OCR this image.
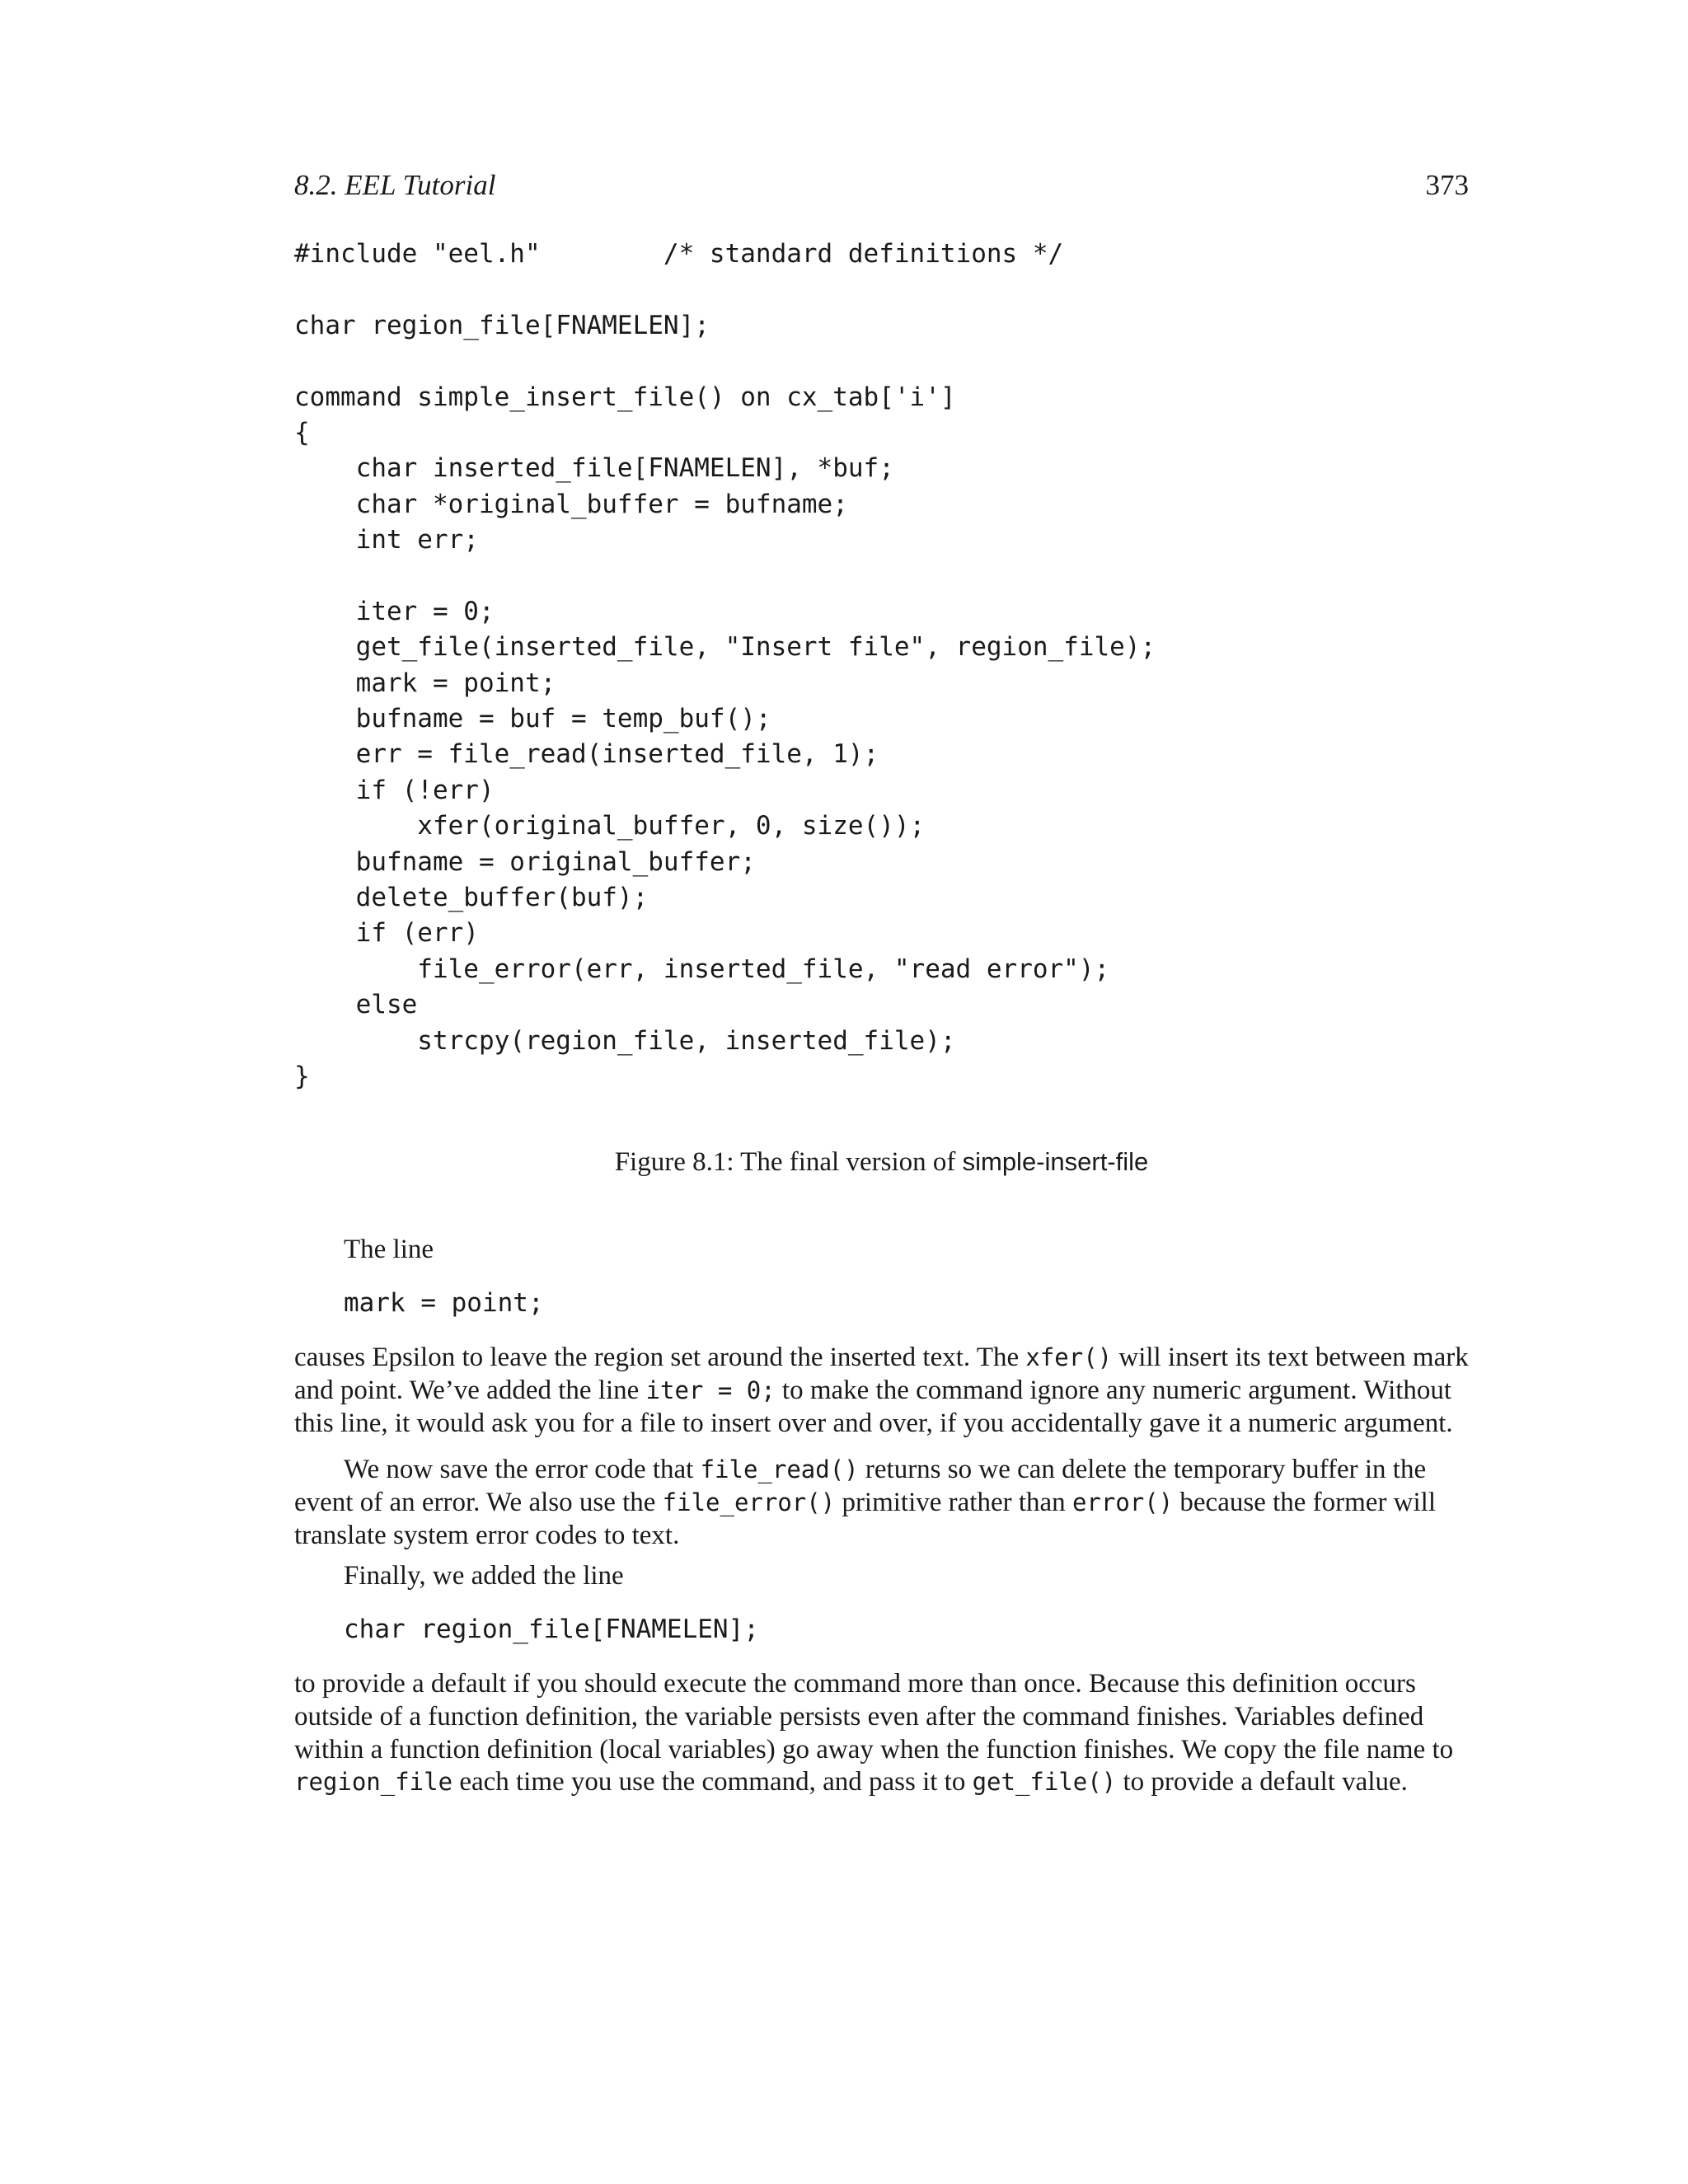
8.2. EEL Tutorial	373
#include "eel.h"        /* standard definitions */
char region_file[FNAMELEN];
command simple_insert_file() on cx_tab['i']
{
char inserted_file[FNAMELEN], *buf;
char *original_buffer = bufname;
int err;
iter = 0;
get_file(inserted_file, "Insert file", region_file);
mark = point;
bufname = buf = temp_buf();
err = file_read(inserted_file, 1);
if (!err)
xfer(original_buffer, 0, size());
bufname = original_buffer;
delete_buffer(buf);
if (err)
file_error(err, inserted_file, "read error");
else
strcpy(region_file, inserted_file);
}
Figure 8.1: The final version of simple-insert-file

The line

mark = point;

causes Epsilon to leave the region set around the inserted text. The xfer() will insert its text between mark and point. We’ve added the line iter = 0; to make the command ignore any numeric argument. Without this line, it would ask you for a file to insert over and over, if you accidentally gave it a numeric argument.

We now save the error code that file_read() returns so we can delete the temporary buffer in the event of an error. We also use the file_error() primitive rather than error() because the former will translate system error codes to text.

Finally, we added the line

char region_file[FNAMELEN];

to provide a default if you should execute the command more than once. Because this definition occurs outside of a function definition, the variable persists even after the command finishes. Variables defined within a function definition (local variables) go away when the function finishes. We copy the file name to region_file each time you use the command, and pass it to get_file() to provide a default value.
